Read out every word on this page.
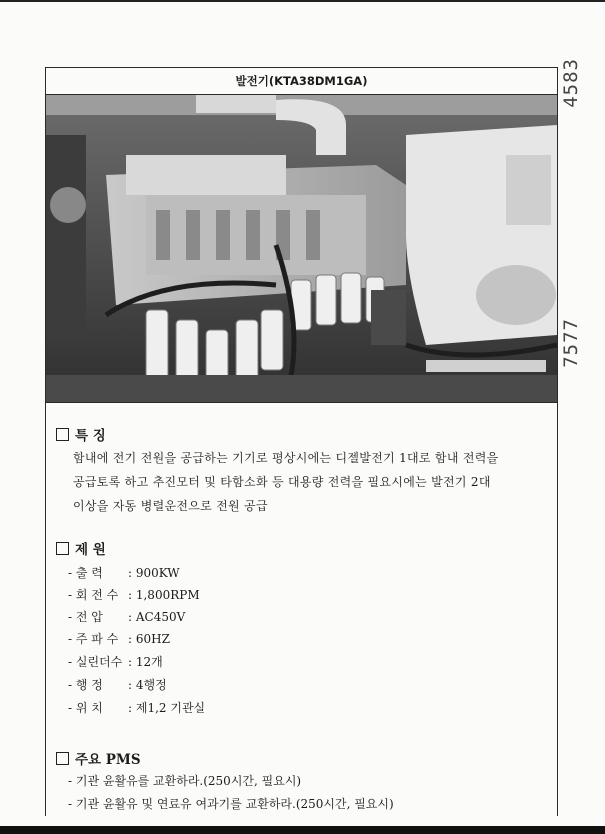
4583
7577
발전기(KTA38DM1GA)
특 징
함내에 전기 전원을 공급하는 기기로 평상시에는 디젤발전기 1대로 함내 전력을
공급토록 하고 추진모터 및 타함소화 등 대용량 전력을 필요시에는 발전기 2대
이상을 자동 병렬운전으로 전원 공급
제 원
- 출 력 : 900KW
- 회 전 수 : 1,800RPM
- 전 압 : AC450V
- 주 파 수 : 60HZ
- 실린더수 : 12개
- 행 정 : 4행정
- 위 치 : 제1,2 기관실
주요 PMS
- 기관 윤활유를 교환하라.(250시간, 필요시)
- 기관 윤활유 및 연료유 여과기를 교환하라.(250시간, 필요시)
